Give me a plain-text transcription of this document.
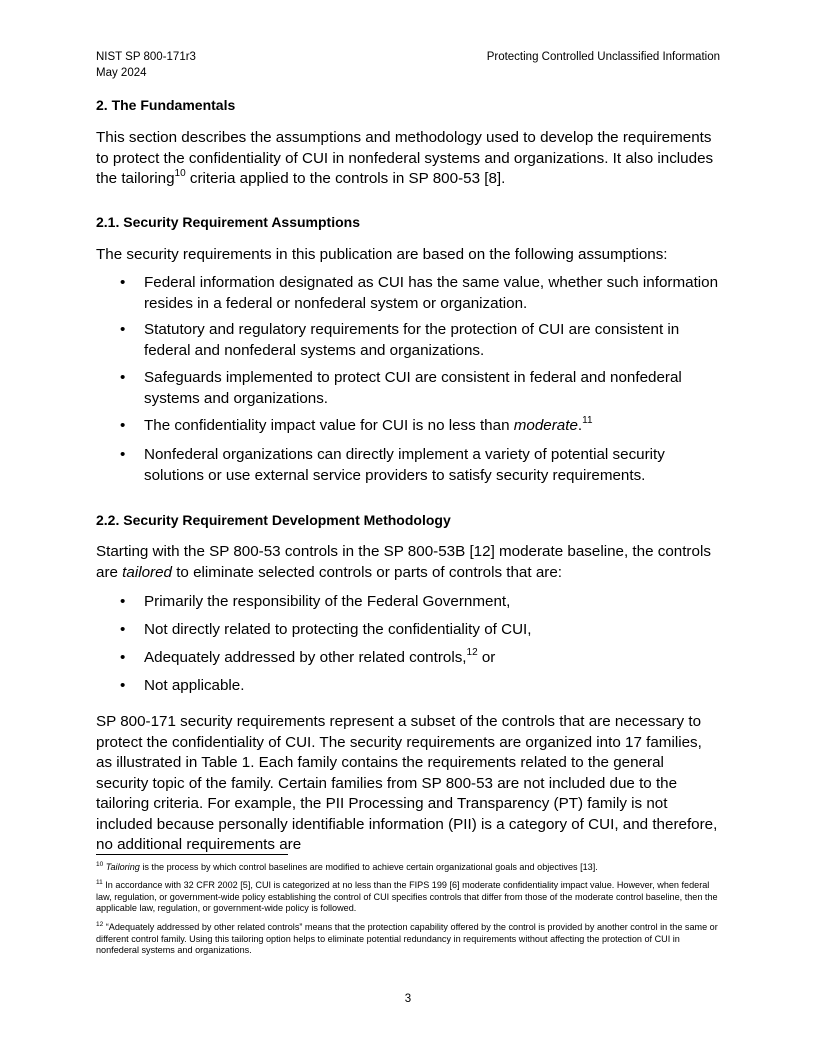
NIST SP 800-171r3
May 2024
Protecting Controlled Unclassified Information
2. The Fundamentals

This section describes the assumptions and methodology used to develop the requirements to protect the confidentiality of CUI in nonfederal systems and organizations. It also includes the tailoring$^{10}$ criteria applied to the controls in SP 800-53 [8].

2.1. Security Requirement Assumptions

The security requirements in this publication are based on the following assumptions:

• Federal information designated as CUI has the same value, whether such information resides in a federal or nonfederal system or organization.
• Statutory and regulatory requirements for the protection of CUI are consistent in federal and nonfederal systems and organizations.
• Safeguards implemented to protect CUI are consistent in federal and nonfederal systems and organizations.
• The confidentiality impact value for CUI is no less than moderate.$^{11}$
• Nonfederal organizations can directly implement a variety of potential security solutions or use external service providers to satisfy security requirements.
2.2. Security Requirement Development Methodology

Starting with the SP 800-53 controls in the SP 800-53B [12] moderate baseline, the controls are tailored to eliminate selected controls or parts of controls that are:

• Primarily the responsibility of the Federal Government,
• Not directly related to protecting the confidentiality of CUI,
• Adequately addressed by other related controls,$^{12}$ or
• Not applicable.

SP 800-171 security requirements represent a subset of the controls that are necessary to protect the confidentiality of CUI. The security requirements are organized into 17 families, as illustrated in Table 1. Each family contains the requirements related to the general security topic of the family. Certain families from SP 800-53 are not included due to the tailoring criteria. For example, the PII Processing and Transparency (PT) family is not included because personally identifiable information (PII) is a category of CUI, and therefore, no additional requirements are

$^{10}$ Tailoring is the process by which control baselines are modified to achieve certain organizational goals and objectives [13].

$^{11}$ In accordance with 32 CFR 2002 [5], CUI is categorized at no less than the FIPS 199 [6] moderate confidentiality impact value. However, when federal law, regulation, or government-wide policy establishing the control of CUI specifies controls that differ from those of the moderate control baseline, then the applicable law, regulation, or government-wide policy is followed.

$^{12}$ “Adequately addressed by other related controls” means that the protection capability offered by the control is provided by another control in the same or different control family. Using this tailoring option helps to eliminate potential redundancy in requirements without affecting the protection of CUI in nonfederal systems and organizations.

3
